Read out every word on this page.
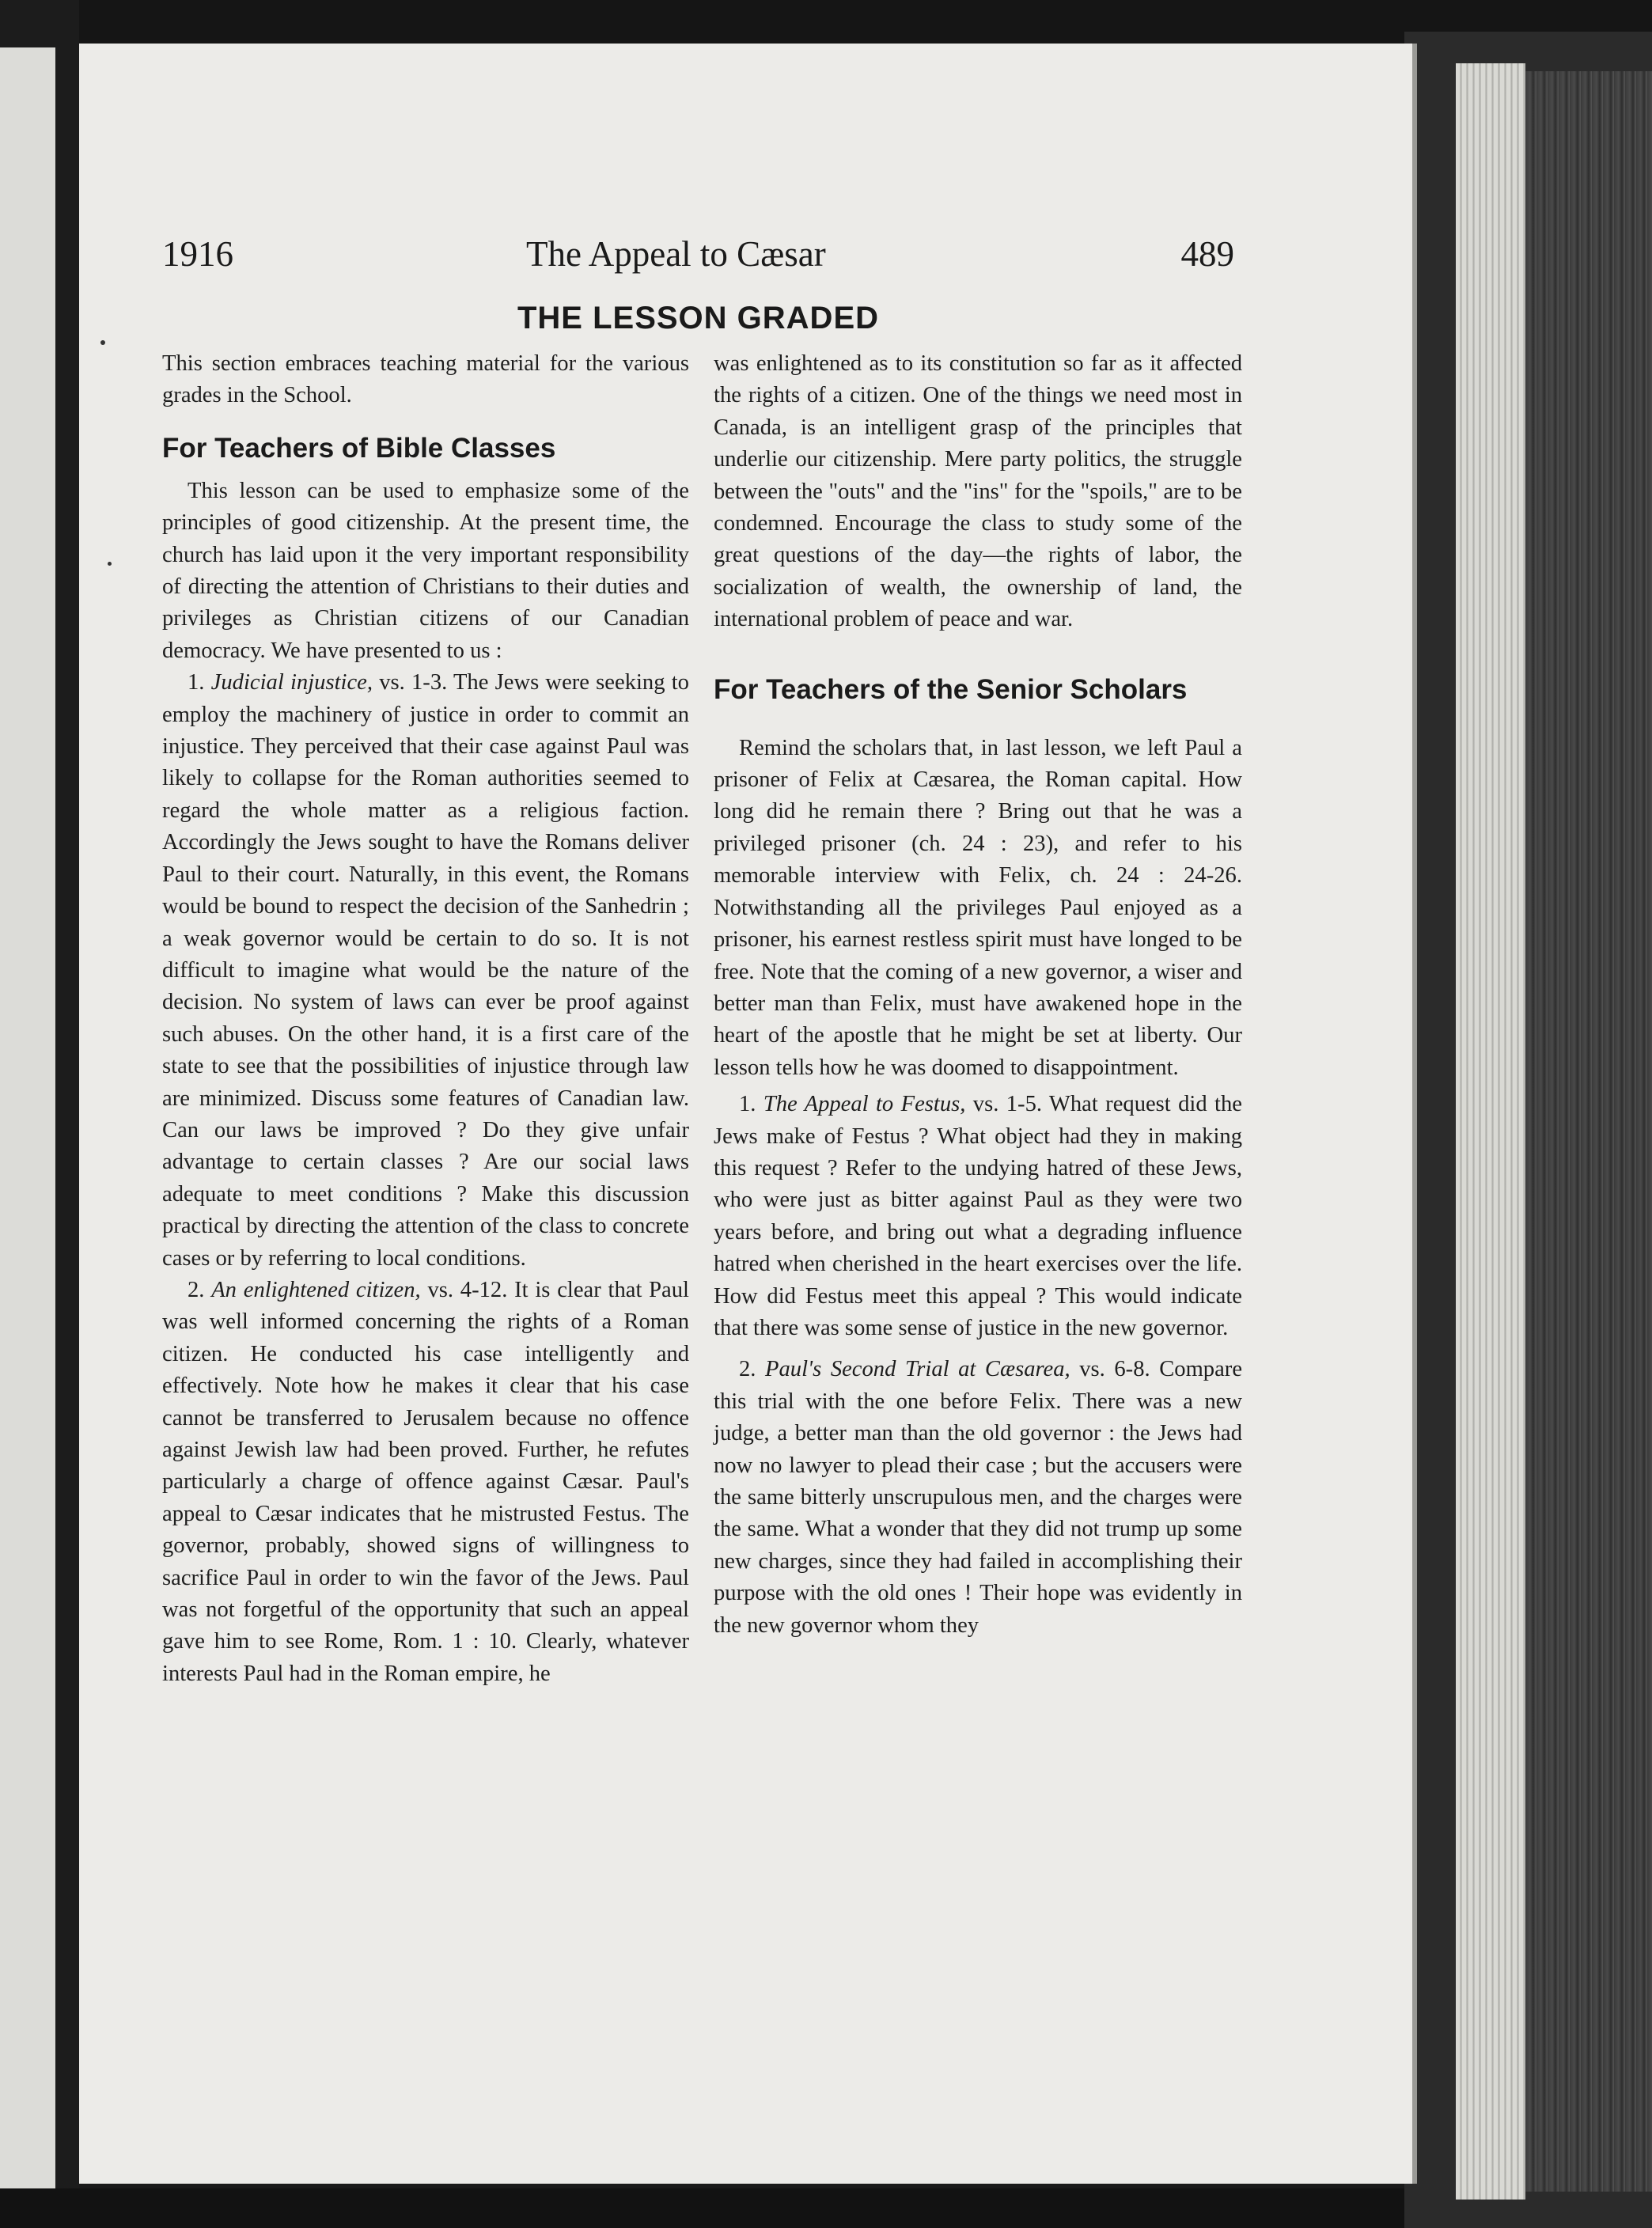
1916	The Appeal to Cæsar	489
THE LESSON GRADED

This section embraces teaching material for the various grades in the School.

For Teachers of Bible Classes

This lesson can be used to emphasize some of the principles of good citizenship. At the present time, the church has laid upon it the very important responsibility of directing the attention of Christians to their duties and privileges as Christian citizens of our Canadian democracy. We have presented to us :

1. Judicial injustice, vs. 1-3. The Jews were seeking to employ the machinery of justice in order to commit an injustice. They perceived that their case against Paul was likely to collapse for the Roman authorities seemed to regard the whole matter as a religious faction. Accordingly the Jews sought to have the Romans deliver Paul to their court. Naturally, in this event, the Romans would be bound to respect the decision of the Sanhedrin ; a weak governor would be certain to do so. It is not difficult to imagine what would be the nature of the decision. No system of laws can ever be proof against such abuses. On the other hand, it is a first care of the state to see that the possibilities of injustice through law are minimized. Discuss some features of Canadian law. Can our laws be improved ? Do they give unfair advantage to certain classes ? Are our social laws adequate to meet conditions ? Make this discussion practical by directing the attention of the class to concrete cases or by referring to local conditions.

2. An enlightened citizen, vs. 4-12. It is clear that Paul was well informed concerning the rights of a Roman citizen. He conducted his case intelligently and effectively. Note how he makes it clear that his case cannot be transferred to Jerusalem because no offence against Jewish law had been proved. Further, he refutes particularly a charge of offence against Cæsar. Paul's appeal to Cæsar indicates that he mistrusted Festus. The governor, probably, showed signs of willingness to sacrifice Paul in order to win the favor of the Jews. Paul was not forgetful of the opportunity that such an appeal gave him to see Rome, Rom. 1 : 10. Clearly, whatever interests Paul had in the Roman empire, he

was enlightened as to its constitution so far as it affected the rights of a citizen. One of the things we need most in Canada, is an intelligent grasp of the principles that underlie our citizenship. Mere party politics, the struggle between the "outs" and the "ins" for the "spoils," are to be condemned. Encourage the class to study some of the great questions of the day—the rights of labor, the socialization of wealth, the ownership of land, the international problem of peace and war.

For Teachers of the Senior Scholars

Remind the scholars that, in last lesson, we left Paul a prisoner of Felix at Cæsarea, the Roman capital. How long did he remain there ? Bring out that he was a privileged prisoner (ch. 24 : 23), and refer to his memorable interview with Felix, ch. 24 : 24-26. Notwithstanding all the privileges Paul enjoyed as a prisoner, his earnest restless spirit must have longed to be free. Note that the coming of a new governor, a wiser and better man than Felix, must have awakened hope in the heart of the apostle that he might be set at liberty. Our lesson tells how he was doomed to disappointment.

1. The Appeal to Festus, vs. 1-5. What request did the Jews make of Festus ? What object had they in making this request ? Refer to the undying hatred of these Jews, who were just as bitter against Paul as they were two years before, and bring out what a degrading influence hatred when cherished in the heart exercises over the life. How did Festus meet this appeal ? This would indicate that there was some sense of justice in the new governor.

2. Paul's Second Trial at Cæsarea, vs. 6-8. Compare this trial with the one before Felix. There was a new judge, a better man than the old governor : the Jews had now no lawyer to plead their case ; but the accusers were the same bitterly unscrupulous men, and the charges were the same. What a wonder that they did not trump up some new charges, since they had failed in accomplishing their purpose with the old ones ! Their hope was evidently in the new governor whom they
